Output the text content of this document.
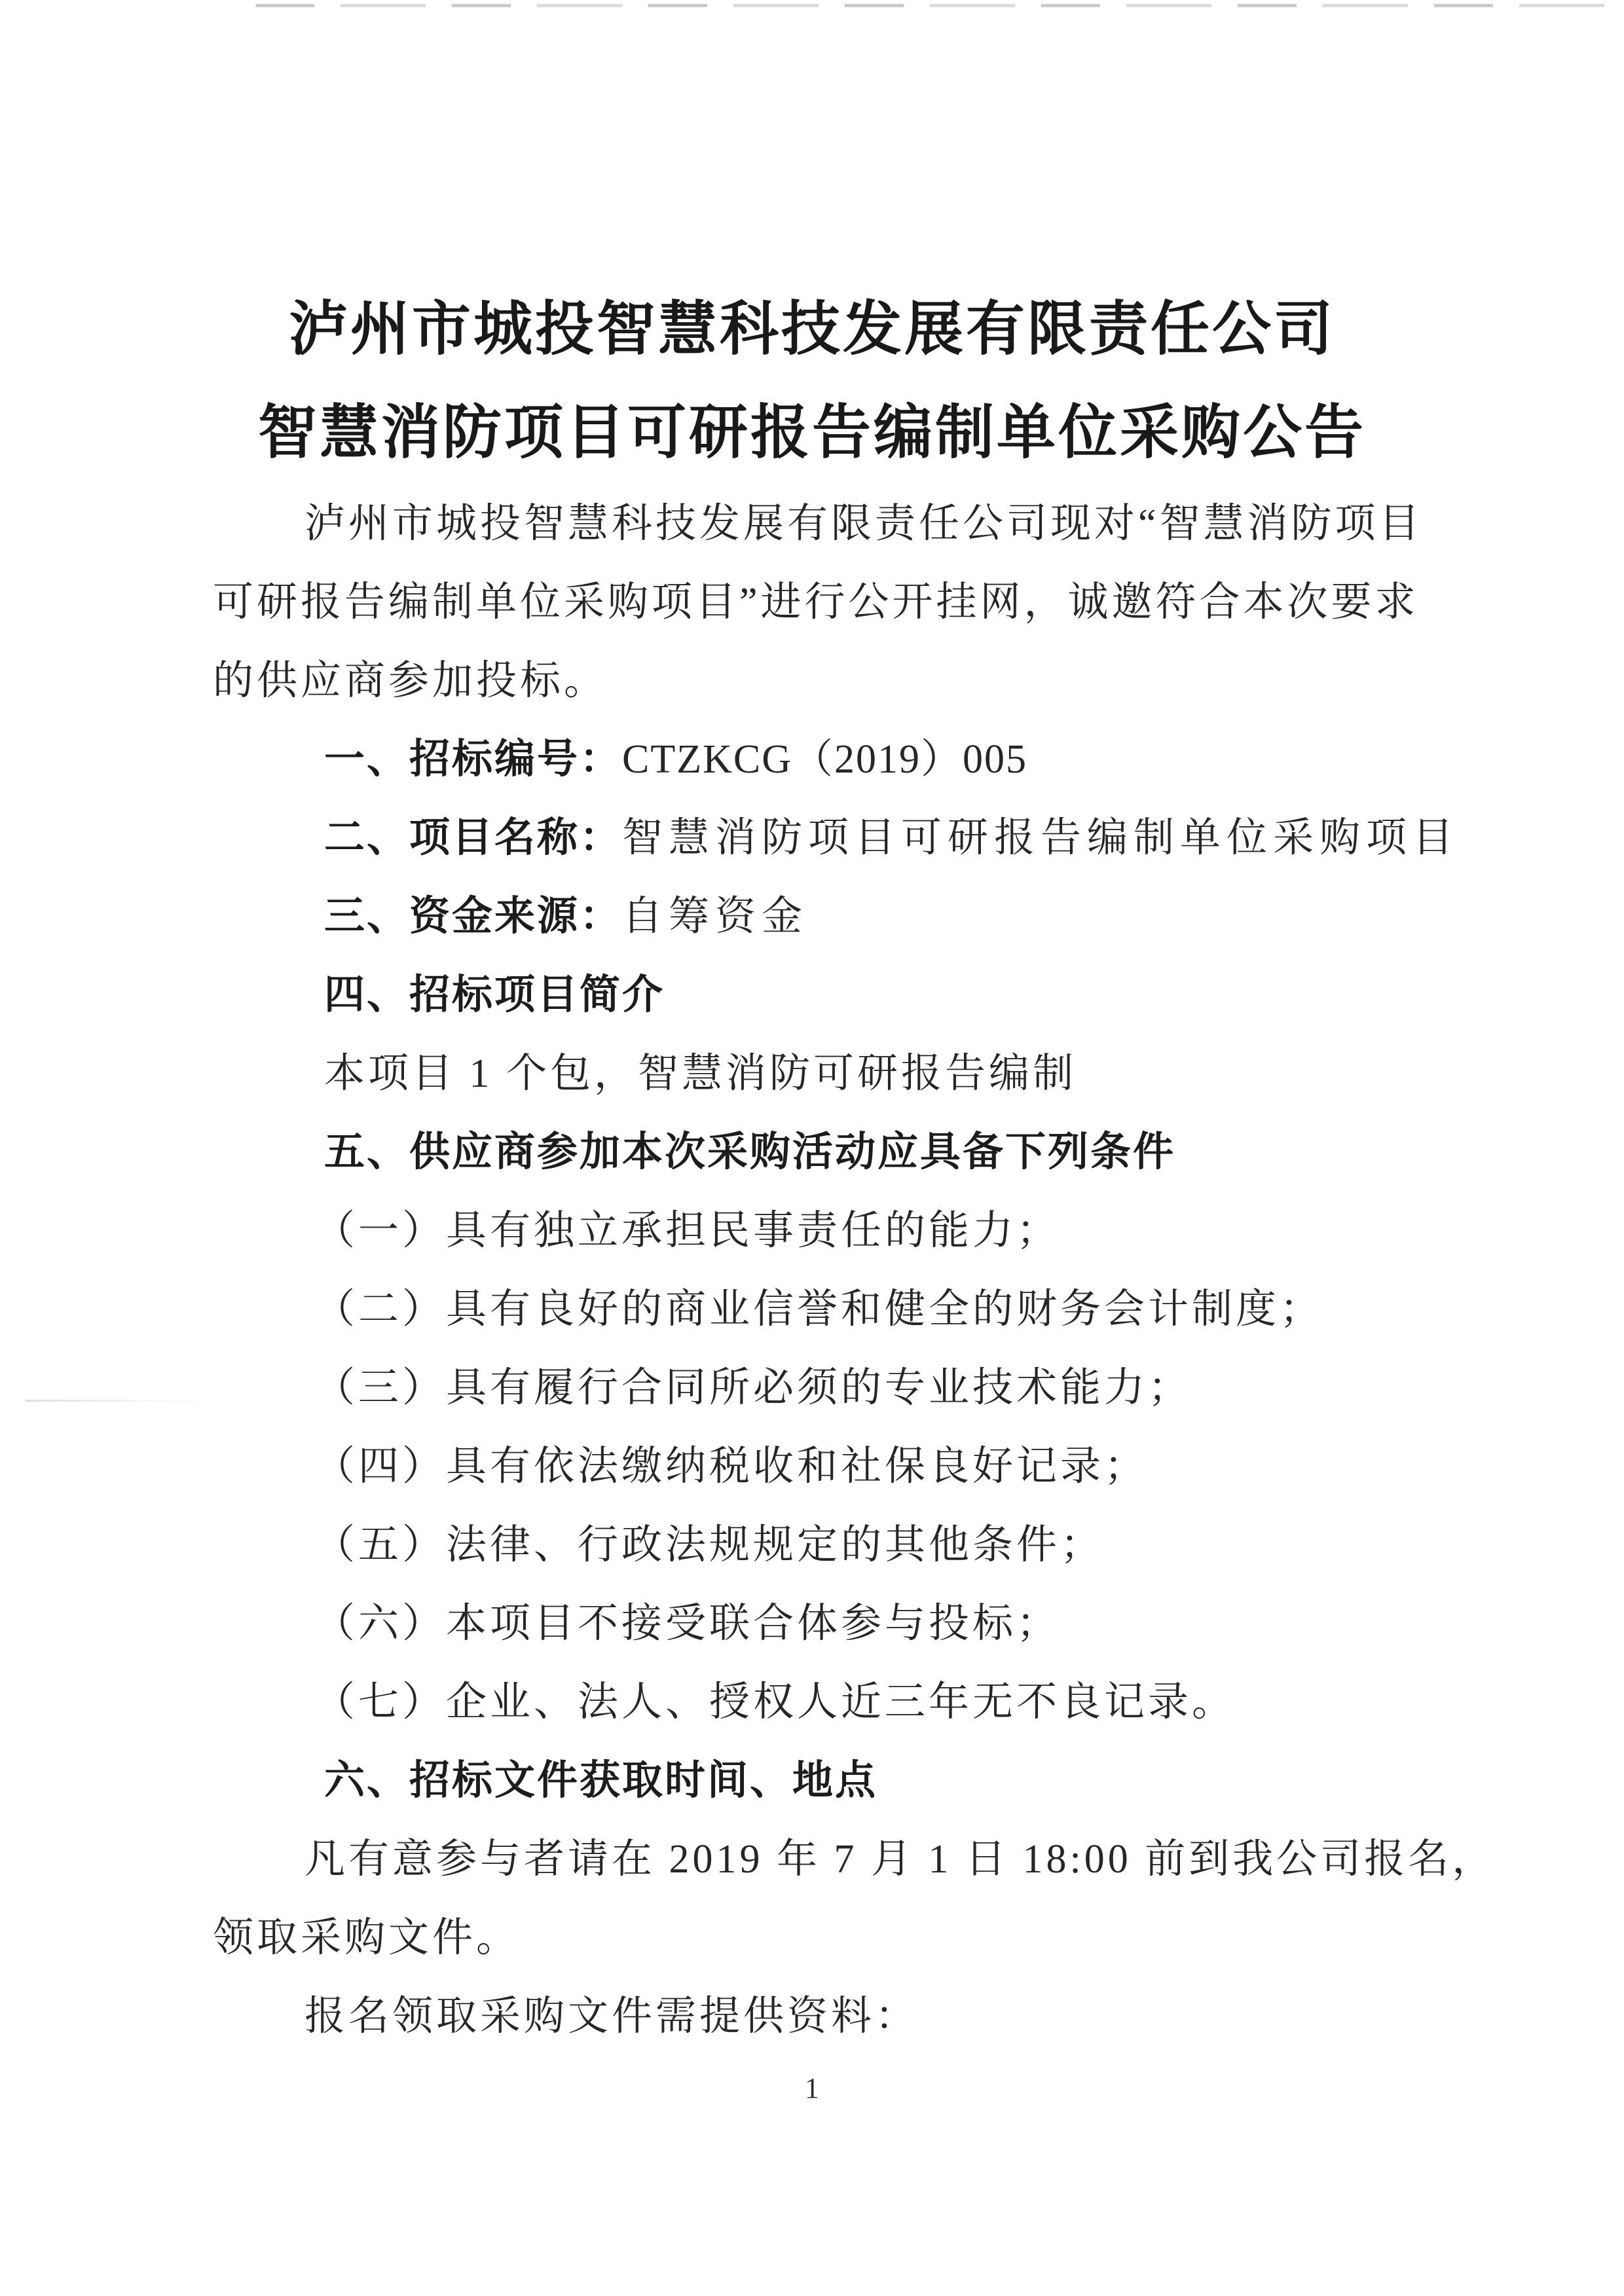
泸州市城投智慧科技发展有限责任公司
智慧消防项目可研报告编制单位采购公告
泸州市城投智慧科技发展有限责任公司现对“智慧消防项目
可研报告编制单位采购项目”进行公开挂网，诚邀符合本次要求
的供应商参加投标。
一、招标编号：CTZKCG（2019）005
二、项目名称：智慧消防项目可研报告编制单位采购项目
三、资金来源：自筹资金
四、招标项目简介
本项目 1 个包，智慧消防可研报告编制
五、供应商参加本次采购活动应具备下列条件
（一）具有独立承担民事责任的能力；
（二）具有良好的商业信誉和健全的财务会计制度；
（三）具有履行合同所必须的专业技术能力；
（四）具有依法缴纳税收和社保良好记录；
（五）法律、行政法规规定的其他条件；
（六）本项目不接受联合体参与投标；
（七）企业、法人、授权人近三年无不良记录。
六、招标文件获取时间、地点
凡有意参与者请在 2019 年 7 月 1 日 18:00 前到我公司报名，
领取采购文件。
报名领取采购文件需提供资料：
1
